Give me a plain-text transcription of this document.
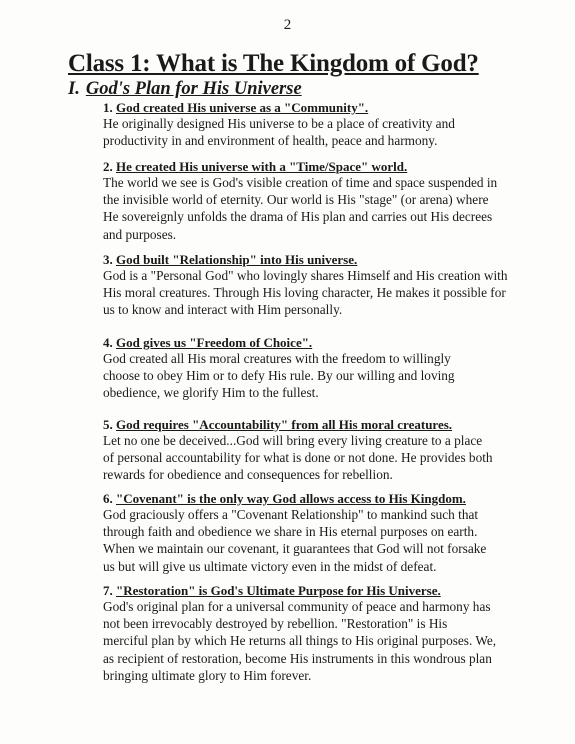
2
Class 1: What is The Kingdom of God?
I. God's Plan for His Universe
1. God created His universe as a "Community".
He originally designed His universe to be a place of creativity and
productivity in and environment of health, peace and harmony.
2. He created His universe with a "Time/Space" world.
The world we see is God's visible creation of time and space suspended in
the invisible world of eternity. Our world is His "stage" (or arena) where
He sovereignly unfolds the drama of His plan and carries out His decrees
and purposes.
3. God built "Relationship" into His universe.
God is a "Personal God" who lovingly shares Himself and His creation with
His moral creatures. Through His loving character, He makes it possible for
us to know and interact with Him personally.
4. God gives us "Freedom of Choice".
God created all His moral creatures with the freedom to willingly
choose to obey Him or to defy His rule. By our willing and loving
obedience, we glorify Him to the fullest.
5. God requires "Accountability" from all His moral creatures.
Let no one be deceived...God will bring every living creature to a place
of personal accountability for what is done or not done. He provides both
rewards for obedience and consequences for rebellion.
6. "Covenant" is the only way God allows access to His Kingdom.
God graciously offers a "Covenant Relationship" to mankind such that
through faith and obedience we share in His eternal purposes on earth.
When we maintain our covenant, it guarantees that God will not forsake
us but will give us ultimate victory even in the midst of defeat.
7. "Restoration" is God's Ultimate Purpose for His Universe.
God's original plan for a universal community of peace and harmony has
not been irrevocably destroyed by rebellion. "Restoration" is His
merciful plan by which He returns all things to His original purposes. We,
as recipient of restoration, become His instruments in this wondrous plan
bringing ultimate glory to Him forever.
